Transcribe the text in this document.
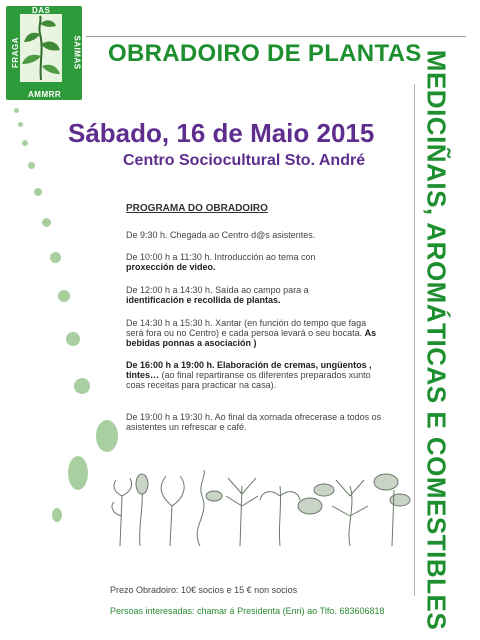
DAS
FRAGA	SAIMAS
AMMRR
OBRADOIRO DE PLANTAS
Sábado, 16 de Maio 2015
Centro Sociocultural Sto. André
PROGRAMA DO OBRADOIRO
De 9:30 h. Chegada ao Centro d@s asistentes.
De 10:00 h a 11:30 h. Introducción ao tema con
proxección de video.
De 12:00 h a 14:30 h. Saída ao campo para a
identificación e recollida de plantas.
De 14:30 h a 15:30 h. Xantar (en función do tempo que faga será fora ou no Centro) e cada persoa levará o seu bocata. As bebidas ponnas a asociación )
De 16:00 h a 19:00 h. Elaboración de cremas, ungüentos , tintes… (ao final repartiranse os diferentes preparados xunto coas receitas para practicar na casa).
De 19:00 h a 19:30 h. Ao final da xornada ofrecerase a todos os asistentes un refrescar e café.	MEDICIÑAIS, AROMÁTICAS E COMESTIBLES
Prezo Obradoiro: 10€ socios e 15 € non socios
Persoas interesadas: chamar á Presidenta (Enri) ao Tlfo. 683606818
